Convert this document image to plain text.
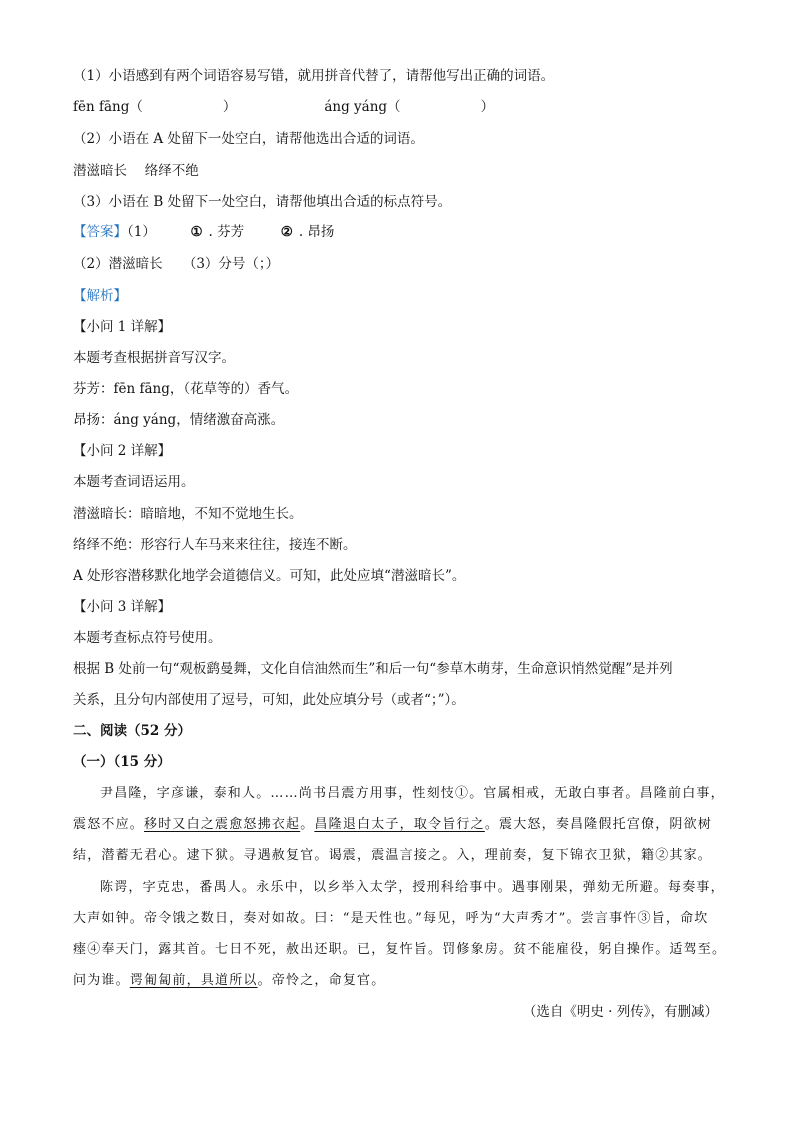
（1）小语感到有两个词语容易写错，就用拼音代替了，请帮他写出正确的词语。
fēn fāng（	）	áng yáng（	）
（2）小语在 A 处留下一处空白，请帮他选出合适的词语。
潜滋暗长　 络绎不绝
（3）小语在 B 处留下一处空白，请帮他填出合适的标点符号。
【答案】（1）	① . 芬芳	② . 昂扬
（2）潜滋暗长　　（3）分号（；）
【解析】
【小问 1 详解】
本题考查根据拼音写汉字。
芬芳：fēn fāng，（花草等的）香气。
昂扬：áng yáng，情绪激奋高涨。
【小问 2 详解】
本题考查词语运用。
潜滋暗长：暗暗地，不知不觉地生长。
络绎不绝：形容行人车马来来往往，接连不断。
A 处形容潜移默化地学会道德信义。可知，此处应填“潜滋暗长”。
【小问 3 详解】
本题考查标点符号使用。
根据 B 处前一句“观板鹞曼舞，文化自信油然而生”和后一句“参草木萌芽，生命意识悄然觉醒”是并列
关系，且分句内部使用了逗号，可知，此处应填分号（或者“；”）。
二、阅读（52 分）
（一）（15 分）
尹昌隆，字彦谦，泰和人。……尚书吕震方用事，性刻忮①。官属相戒，无敢白事者。昌隆前白事，
震怒不应。移时又白之震愈怒拂衣起。昌隆退白太子，取令旨行之。震大怒，奏昌隆假托宫僚，阴欲树
结，潜蓄无君心。逮下狱。寻遇赦复官。谒震，震温言接之。入，理前奏，复下锦衣卫狱，籍②其家。
陈谔，字克忠，番禺人。永乐中，以乡举入太学，授刑科给事中。遇事刚果，弹劾无所避。每奏事，
大声如钟。帝令饿之数日，奏对如故。曰：“是天性也。”每见，呼为“大声秀才”。尝言事忤③旨，命坎
瘗④奉天门，露其首。七日不死，赦出还职。已，复忤旨。罚修象房。贫不能雇役，躬自操作。适驾至。
问为谁。谔匍匐前，具道所以。帝怜之，命复官。
（选自《明史 · 列传》，有删减）
